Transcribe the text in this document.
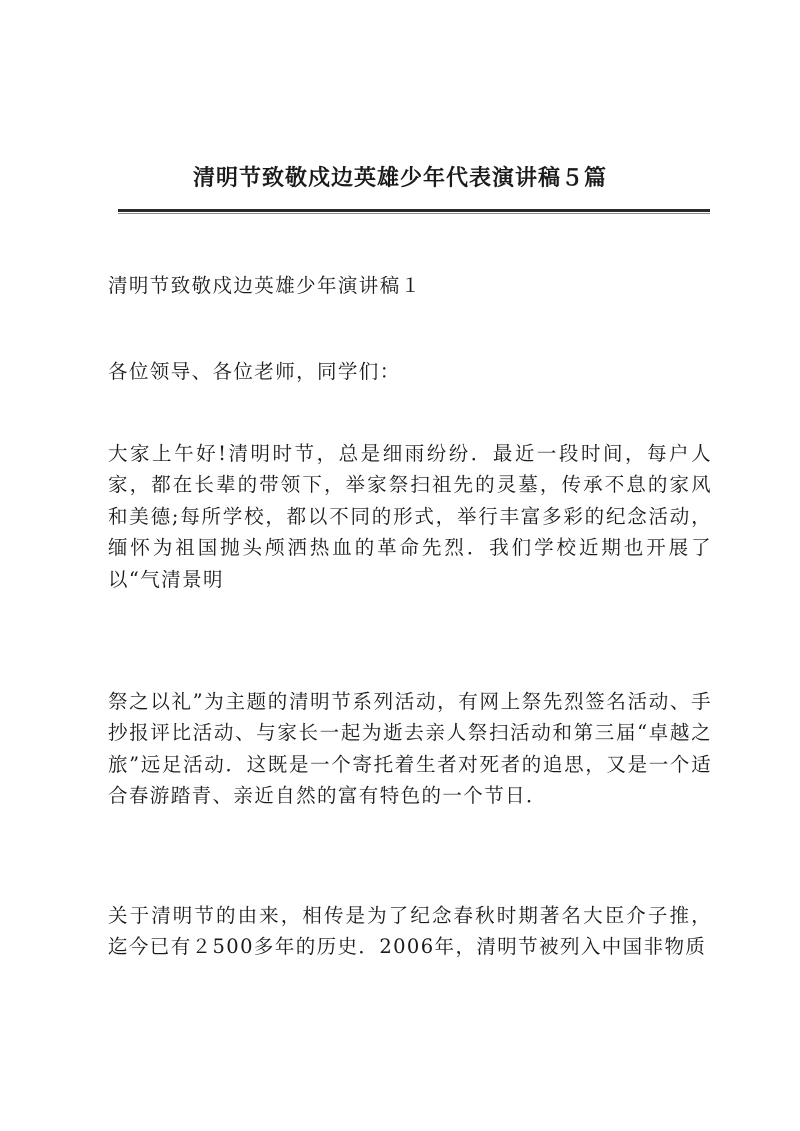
清明节致敬戍边英雄少年代表演讲稿５篇

清明节致敬戍边英雄少年演讲稿１

各位领导、各位老师，同学们：

大家上午好!清明时节，总是细雨纷纷．最近一段时间，每户人家，都在长辈的带领下，举家祭扫祖先的灵墓，传承不息的家风和美德;每所学校，都以不同的形式，举行丰富多彩的纪念活动，缅怀为祖国抛头颅洒热血的革命先烈．我们学校近期也开展了以“气清景明

祭之以礼”为主题的清明节系列活动，有网上祭先烈签名活动、手抄报评比活动、与家长一起为逝去亲人祭扫活动和第三届“卓越之旅”远足活动．这既是一个寄托着生者对死者的追思，又是一个适合春游踏青、亲近自然的富有特色的一个节日．

关于清明节的由来，相传是为了纪念春秋时期著名大臣介子推，迄今已有２500多年的历史．2006年，清明节被列入中国非物质
